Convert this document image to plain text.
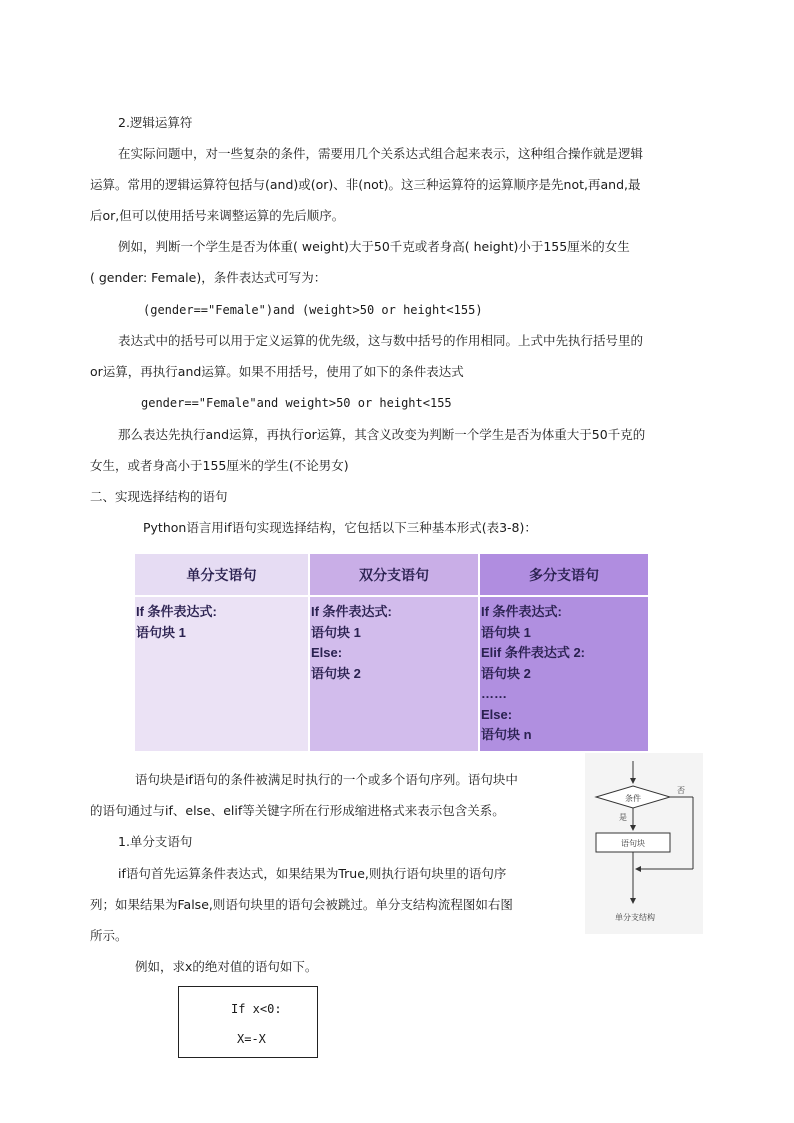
2.逻辑运算符
在实际问题中，对一些复杂的条件，需要用几个关系达式组合起来表示，这种组合操作就是逻辑
运算。常用的逻辑运算符包括与(and)或(or)、非(not)。这三种运算符的运算顺序是先not,再and,最
后or,但可以使用括号来调整运算的先后顺序。
例如，判断一个学生是否为体重( weight)大于50千克或者身高( height)小于155厘米的女生
( gender: Female)，条件表达式可写为：
(gender=="Female")and (weight>50 or height<155)
表达式中的括号可以用于定义运算的优先级，这与数中括号的作用相同。上式中先执行括号里的
or运算，再执行and运算。如果不用括号，使用了如下的条件表达式
gender=="Female"and weight>50 or height<155
那么表达先执行and运算，再执行or运算，其含义改变为判断一个学生是否为体重大于50千克的
女生，或者身高小于155厘米的学生(不论男女)
二、实现选择结构的语句
Python语言用if语句实现选择结构，它包括以下三种基本形式(表3-8)：
单分支语句	双分支语句	多分支语句
If 条件表达式:
语句块 1
If 条件表达式:
语句块 1
Else:
语句块 2
If 条件表达式:
语句块 1
Elif 条件表达式 2:
语句块 2
……
Else:
语句块 n
语句块是if语句的条件被满足时执行的一个或多个语句序列。语句块中
的语句通过与if、else、elif等关键字所在行形成缩进格式来表示包含关系。
1.单分支语句
if语句首先运算条件表达式，如果结果为True,则执行语句块里的语句序
列；如果结果为False,则语句块里的语句会被跳过。单分支结构流程图如右图
所示。
例如，求x的绝对值的语句如下。
条件
否
是
语句块
单分支结构
If x<0:
X=-X
